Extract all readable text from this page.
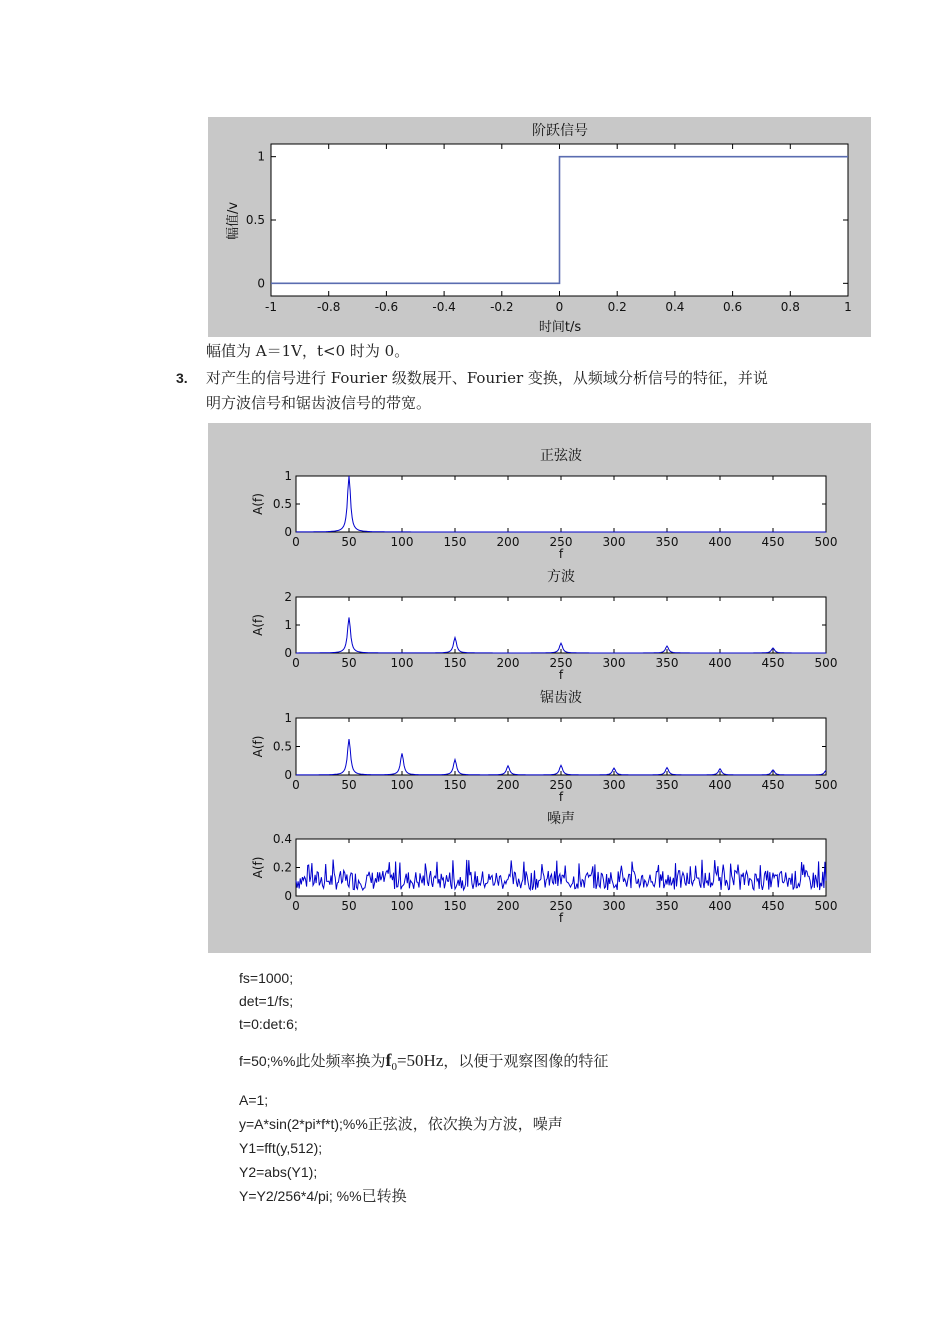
阶跃信号
幅值/v
时间t/s
-1	-0.8	-0.6	-0.4	-0.2	0	0.2	0.4	0.6	0.8	1
0
0.5
1
幅值为 A＝1V，t<0 时为 0。
3. 对产生的信号进行 Fourier 级数展开、Fourier 变换，从频域分析信号的特征，并说
明方波信号和锯齿波信号的带宽。
正弦波
0	50	100	150	200	250	300	350	400	450	500
0
0.5
1
f
A(f)
方波
0	50	100	150	200	250	300	350	400	450	500
0
1
2
f
A(f)
锯齿波
0	50	100	150	200	250	300	350	400	450	500
0
0.5
1
f
A(f)
噪声
0	50	100	150	200	250	300	350	400	450	500
0
0.2
0.4
f
A(f)
fs=1000;
det=1/fs;
t=0:det:6;
f=50;%%此处频率换为$f_0=50Hz$，以便于观察图像的特征
A=1;
y=A*sin(2*pi*f*t);%%正弦波，依次换为方波，噪声
Y1=fft(y,512);
Y2=abs(Y1);
Y=Y2/256*4/pi; %%已转换
